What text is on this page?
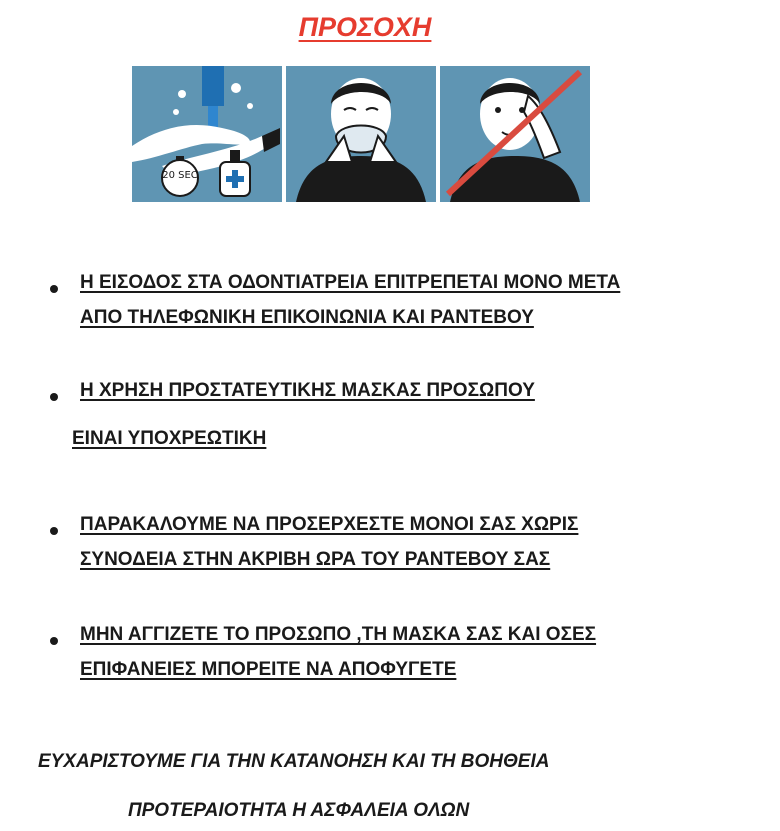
ΠΡΟΣΟΧΗ
20 SEC
Η ΕΙΣΟΔΟΣ ΣΤΑ ΟΔΟΝΤΙΑΤΡΕΙΑ ΕΠΙΤΡΕΠΕΤΑΙ ΜΟΝΟ ΜΕΤΑ
ΑΠΟ ΤΗΛΕΦΩΝΙΚΗ ΕΠΙΚΟΙΝΩΝΙΑ ΚΑΙ ΡΑΝΤΕΒΟΥ
Η ΧΡΗΣΗ ΠΡΟΣΤΑΤΕΥΤΙΚΗΣ ΜΑΣΚΑΣ ΠΡΟΣΩΠΟΥ
ΕΙΝΑΙ ΥΠΟΧΡΕΩΤΙΚΗ
ΠΑΡΑΚΑΛΟΥΜΕ ΝΑ ΠΡΟΣΕΡΧΕΣΤΕ ΜΟΝΟΙ ΣΑΣ ΧΩΡΙΣ
ΣΥΝΟΔΕΙΑ ΣΤΗΝ ΑΚΡΙΒΗ ΩΡΑ ΤΟΥ ΡΑΝΤΕΒΟΥ ΣΑΣ
ΜΗΝ ΑΓΓΙΖΕΤΕ ΤΟ ΠΡΟΣΩΠΟ ,ΤΗ ΜΑΣΚΑ ΣΑΣ ΚΑΙ ΟΣΕΣ
ΕΠΙΦΑΝΕΙΕΣ ΜΠΟΡΕΙΤΕ ΝΑ ΑΠΟΦΥΓΕΤΕ
ΕΥΧΑΡΙΣΤΟΥΜΕ ΓΙΑ ΤΗΝ ΚΑΤΑΝΟΗΣΗ ΚΑΙ ΤΗ ΒΟΗΘΕΙΑ
ΠΡΟΤΕΡΑΙΟΤΗΤΑ Η ΑΣΦΑΛΕΙΑ ΟΛΩΝ
